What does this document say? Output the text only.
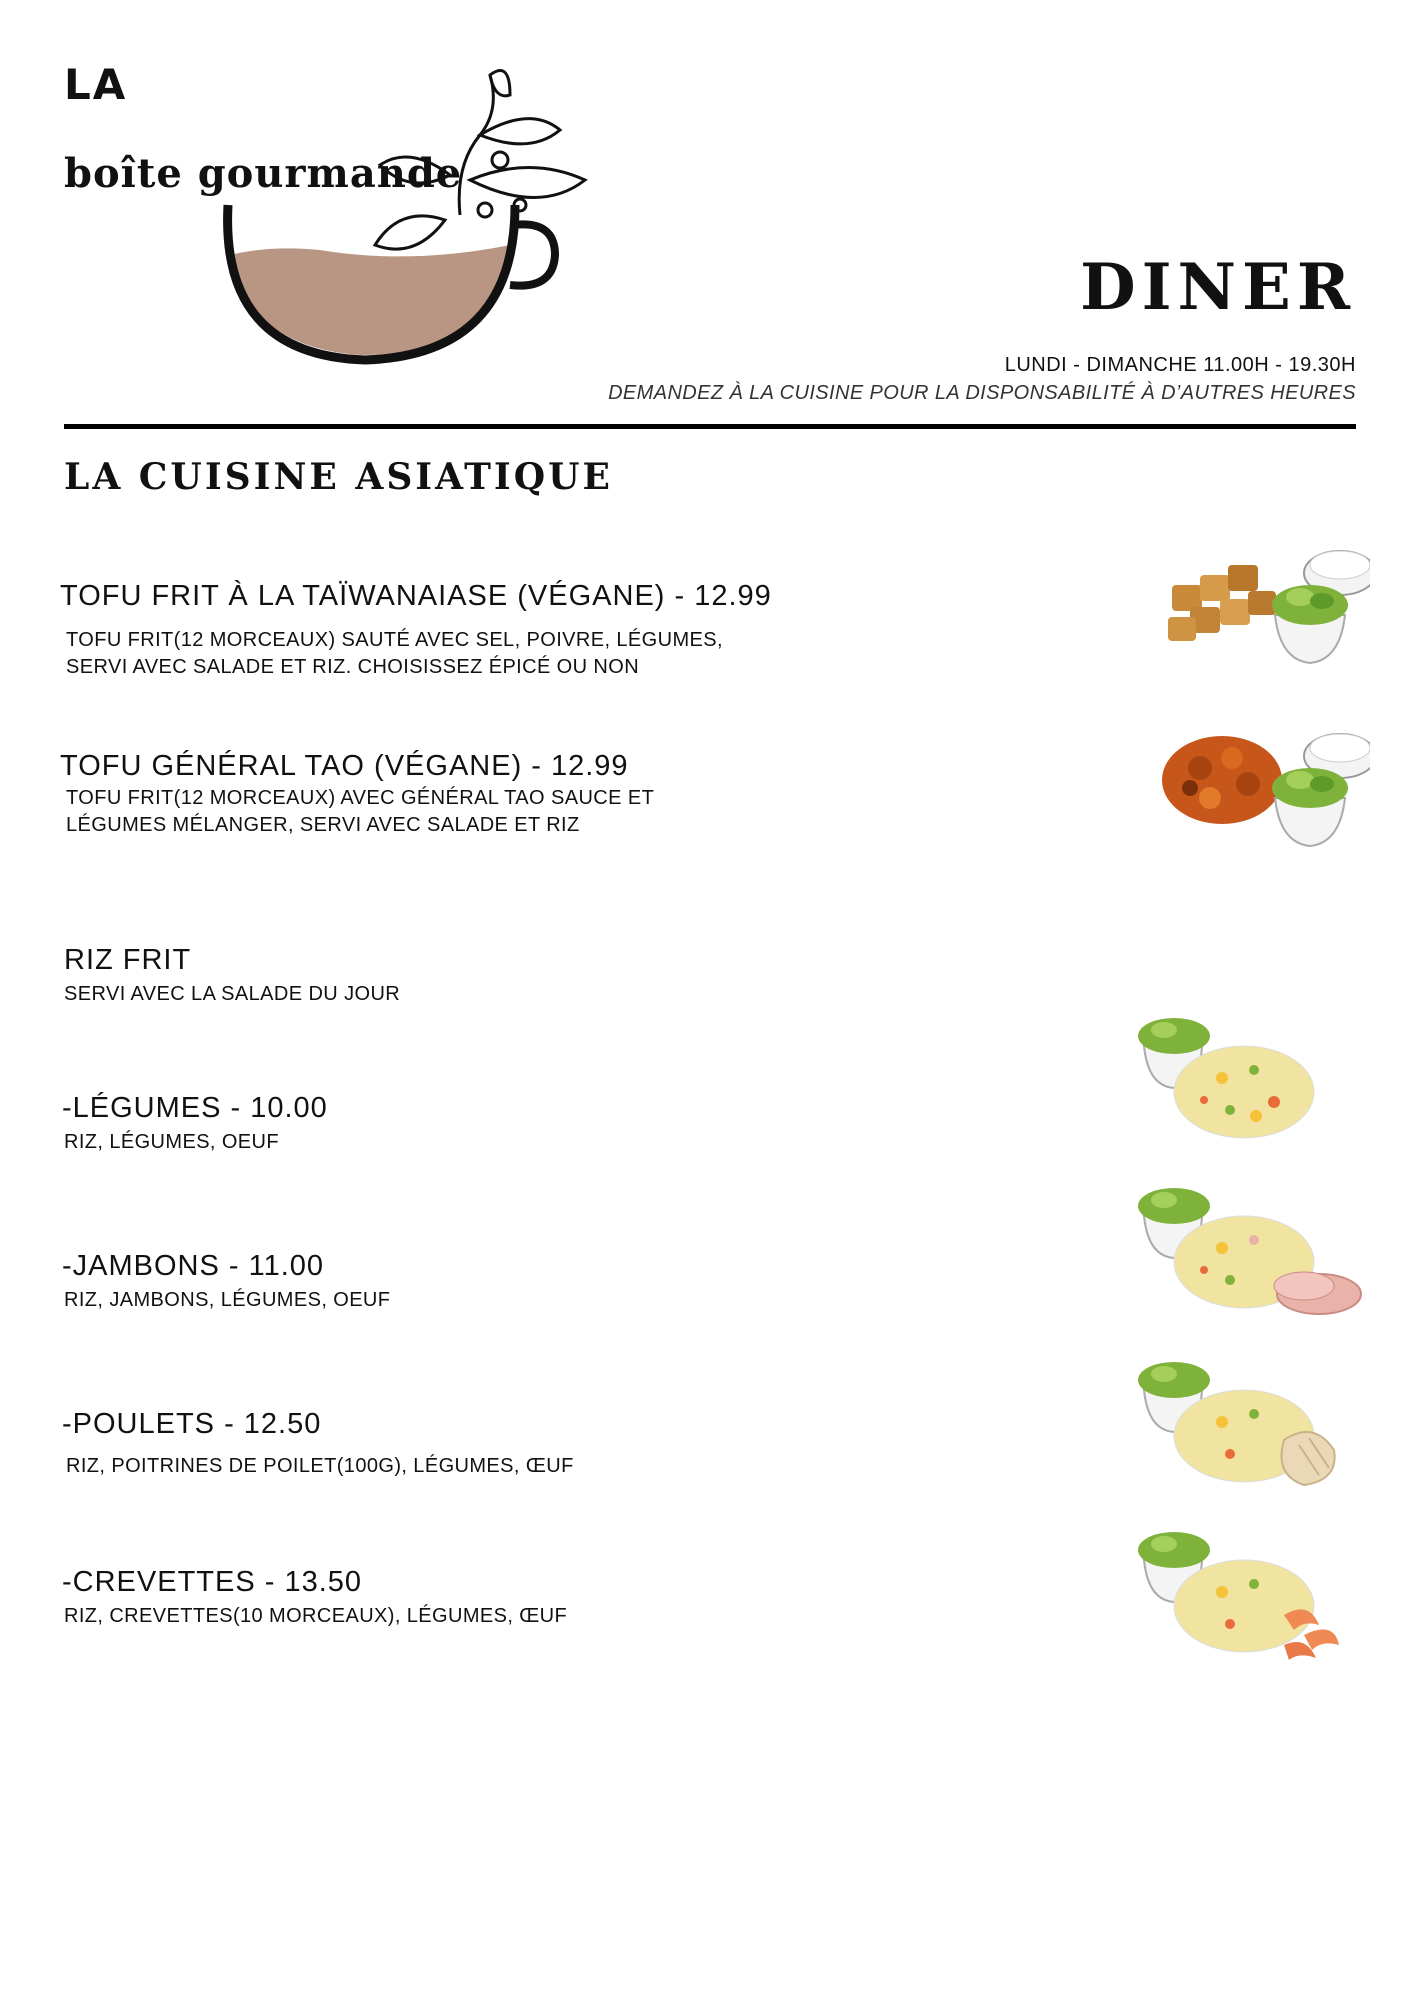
LA
boîte gourmande
DINER
LUNDI - DIMANCHE 11.00H - 19.30H
DEMANDEZ À LA CUISINE POUR LA DISPONSABILITÉ À D’AUTRES HEURES
LA CUISINE ASIATIQUE
TOFU FRIT À LA TAÏWANAIASE (VÉGANE) - 12.99
TOFU FRIT(12 MORCEAUX) SAUTÉ AVEC SEL, POIVRE, LÉGUMES,
SERVI AVEC SALADE ET RIZ. CHOISISSEZ ÉPICÉ OU NON
TOFU GÉNÉRAL TAO (VÉGANE) - 12.99
TOFU FRIT(12 MORCEAUX) AVEC GÉNÉRAL TAO SAUCE ET
LÉGUMES MÉLANGER, SERVI AVEC SALADE ET RIZ
RIZ FRIT
SERVI AVEC LA SALADE DU JOUR
-LÉGUMES - 10.00
RIZ, LÉGUMES, OEUF
-JAMBONS - 11.00
RIZ, JAMBONS, LÉGUMES, OEUF
-POULETS - 12.50
RIZ, POITRINES DE POILET(100G), LÉGUMES, ŒUF
-CREVETTES - 13.50
RIZ, CREVETTES(10 MORCEAUX), LÉGUMES, ŒUF
